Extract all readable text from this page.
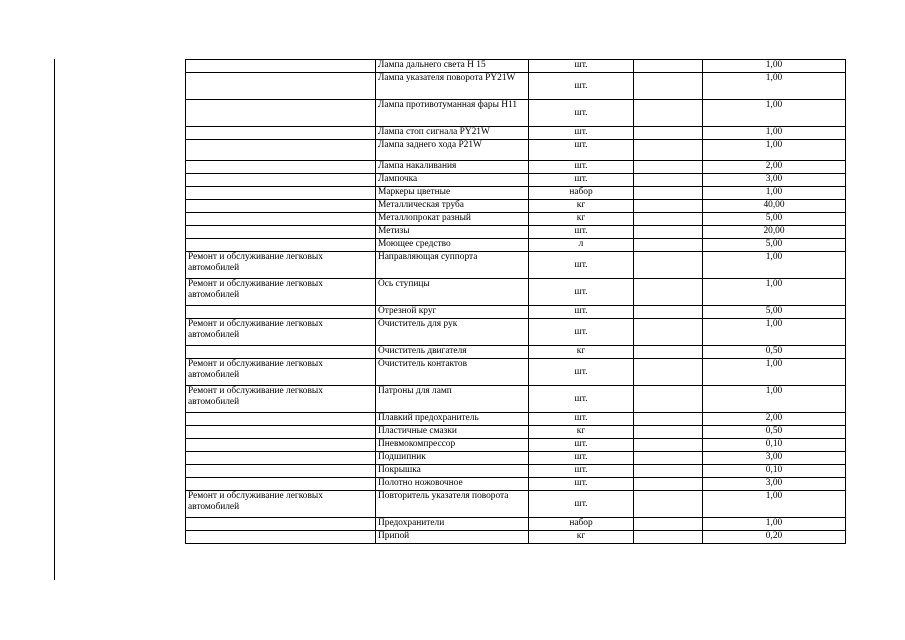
	Лампа дальнего света H 15	шт.		1,00
	Лампа указателя поворота PY21W	шт.		1,00
	Лампа противотуманная фары H11	шт.		1,00
	Лампа стоп сигнала PY21W	шт.		1,00
	Лампа заднего хода P21W	шт.		1,00
	Лампа накаливания	шт.		2,00
	Лампочка	шт.		3,00
	Маркеры цветные	набор		1,00
	Металлическая труба	кг		40,00
	Металлопрокат разный	кг		5,00
	Метизы	шт.		20,00
	Моющее средство	л		5,00
Ремонт и обслуживание легковых автомобилей	Направляющая суппорта	шт.		1,00
Ремонт и обслуживание легковых автомобилей	Ось ступицы	шт.		1,00
	Отрезной круг	шт.		5,00
Ремонт и обслуживание легковых автомобилей	Очиститель для рук	шт.		1,00
	Очиститель двигателя	кг		0,50
Ремонт и обслуживание легковых автомобилей	Очиститель контактов	шт.		1,00
Ремонт и обслуживание легковых автомобилей	Патроны для ламп	шт.		1,00
	Плавкий предохранитель	шт.		2,00
	Пластичные смазки	кг		0,50
	Пневмокомпрессор	шт.		0,10
	Подшипник	шт.		3,00
	Покрышка	шт.		0,10
	Полотно ножовочное	шт.		3,00
Ремонт и обслуживание легковых автомобилей	Повторитель указателя поворота	шт.		1,00
	Предохранители	набор		1,00
	Припой	кг		0,20
